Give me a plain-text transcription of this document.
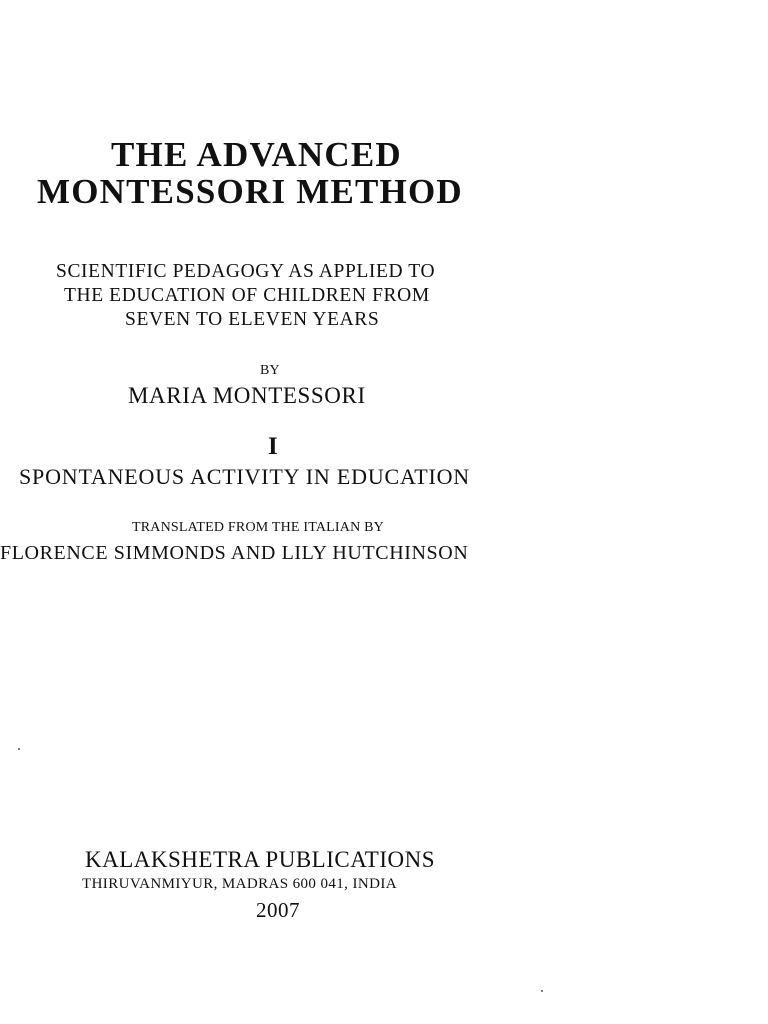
THE ADVANCED
MONTESSORI METHOD
SCIENTIFIC PEDAGOGY AS APPLIED TO
THE EDUCATION OF CHILDREN FROM
SEVEN TO ELEVEN YEARS
BY
MARIA MONTESSORI
I
SPONTANEOUS ACTIVITY IN EDUCATION
TRANSLATED FROM THE ITALIAN BY
FLORENCE SIMMONDS AND LILY HUTCHINSON
KALAKSHETRA PUBLICATIONS
THIRUVANMIYUR, MADRAS 600 041, INDIA
2007
